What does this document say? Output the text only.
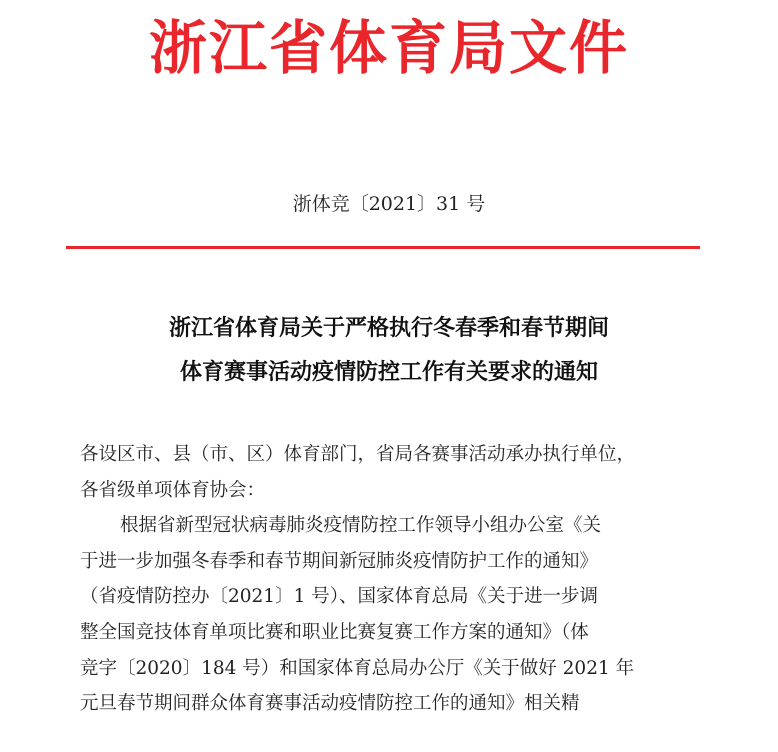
浙江省体育局文件
浙体竞〔2021〕31 号
浙江省体育局关于严格执行冬春季和春节期间
体育赛事活动疫情防控工作有关要求的通知
各设区市、县（市、区）体育部门，省局各赛事活动承办执行单位，
各省级单项体育协会：
根据省新型冠状病毒肺炎疫情防控工作领导小组办公室《关
于进一步加强冬春季和春节期间新冠肺炎疫情防护工作的通知》
（省疫情防控办〔2021〕1 号）、国家体育总局《关于进一步调
整全国竞技体育单项比赛和职业比赛复赛工作方案的通知》（体
竞字〔2020〕184 号）和国家体育总局办公厅《关于做好 2021 年
元旦春节期间群众体育赛事活动疫情防控工作的通知》相关精
